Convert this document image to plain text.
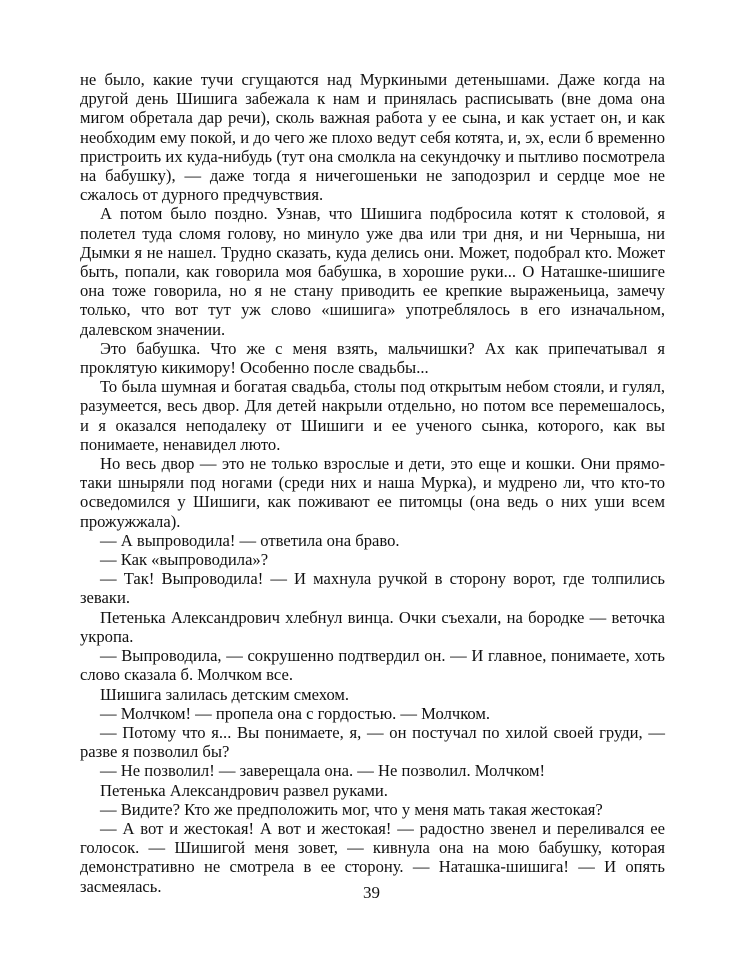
не было, какие тучи сгущаются над Муркиными детенышами. Даже когда на другой день Шишига забежала к нам и принялась расписывать (вне дома она мигом обретала дар речи), сколь важная работа у ее сына, и как устает он, и как необходим ему покой, и до чего же плохо ведут себя котята, и, эх, если б временно пристроить их куда-нибудь (тут она смолкла на секундочку и пытливо посмотрела на бабушку), — даже тогда я ничегошеньки не заподозрил и сердце мое не сжалось от дурного предчувствия.

А потом было поздно. Узнав, что Шишига подбросила котят к столовой, я полетел туда сломя голову, но минуло уже два или три дня, и ни Черныша, ни Дымки я не нашел. Трудно сказать, куда делись они. Может, подобрал кто. Может быть, попали, как говорила моя бабушка, в хорошие руки... О Наташке-шишиге она тоже говорила, но я не стану приводить ее крепкие выраженьица, замечу только, что вот тут уж слово «шишига» употреблялось в его изначальном, далевском значении.

Это бабушка. Что же с меня взять, мальчишки? Ах как припечатывал я проклятую кикимору! Особенно после свадьбы...

То была шумная и богатая свадьба, столы под открытым небом стояли, и гулял, разумеется, весь двор. Для детей накрыли отдельно, но потом все перемешалось, и я оказался неподалеку от Шишиги и ее ученого сынка, которого, как вы понимаете, ненавидел люто.

Но весь двор — это не только взрослые и дети, это еще и кошки. Они прямо-таки шныряли под ногами (среди них и наша Мурка), и мудрено ли, что кто-то осведомился у Шишиги, как поживают ее питомцы (она ведь о них уши всем прожужжала).

— А выпроводила! — ответила она браво.

— Как «выпроводила»?

— Так! Выпроводила! — И махнула ручкой в сторону ворот, где толпились зеваки.

Петенька Александрович хлебнул винца. Очки съехали, на бородке — веточка укропа.

— Выпроводила, — сокрушенно подтвердил он. — И главное, понимаете, хоть слово сказала б. Молчком все.

Шишига залилась детским смехом.

— Молчком! — пропела она с гордостью. — Молчком.

— Потому что я... Вы понимаете, я, — он постучал по хилой своей груди, — разве я позволил бы?

— Не позволил! — заверещала она. — Не позволил. Молчком!

Петенька Александрович развел руками.

— Видите? Кто же предположить мог, что у меня мать такая жестокая?

— А вот и жестокая! А вот и жестокая! — радостно звенел и переливался ее голосок. — Шишигой меня зовет, — кивнула она на мою бабушку, которая демонстративно не смотрела в ее сторону. — Наташка-шишига! — И опять засмеялась.	39
